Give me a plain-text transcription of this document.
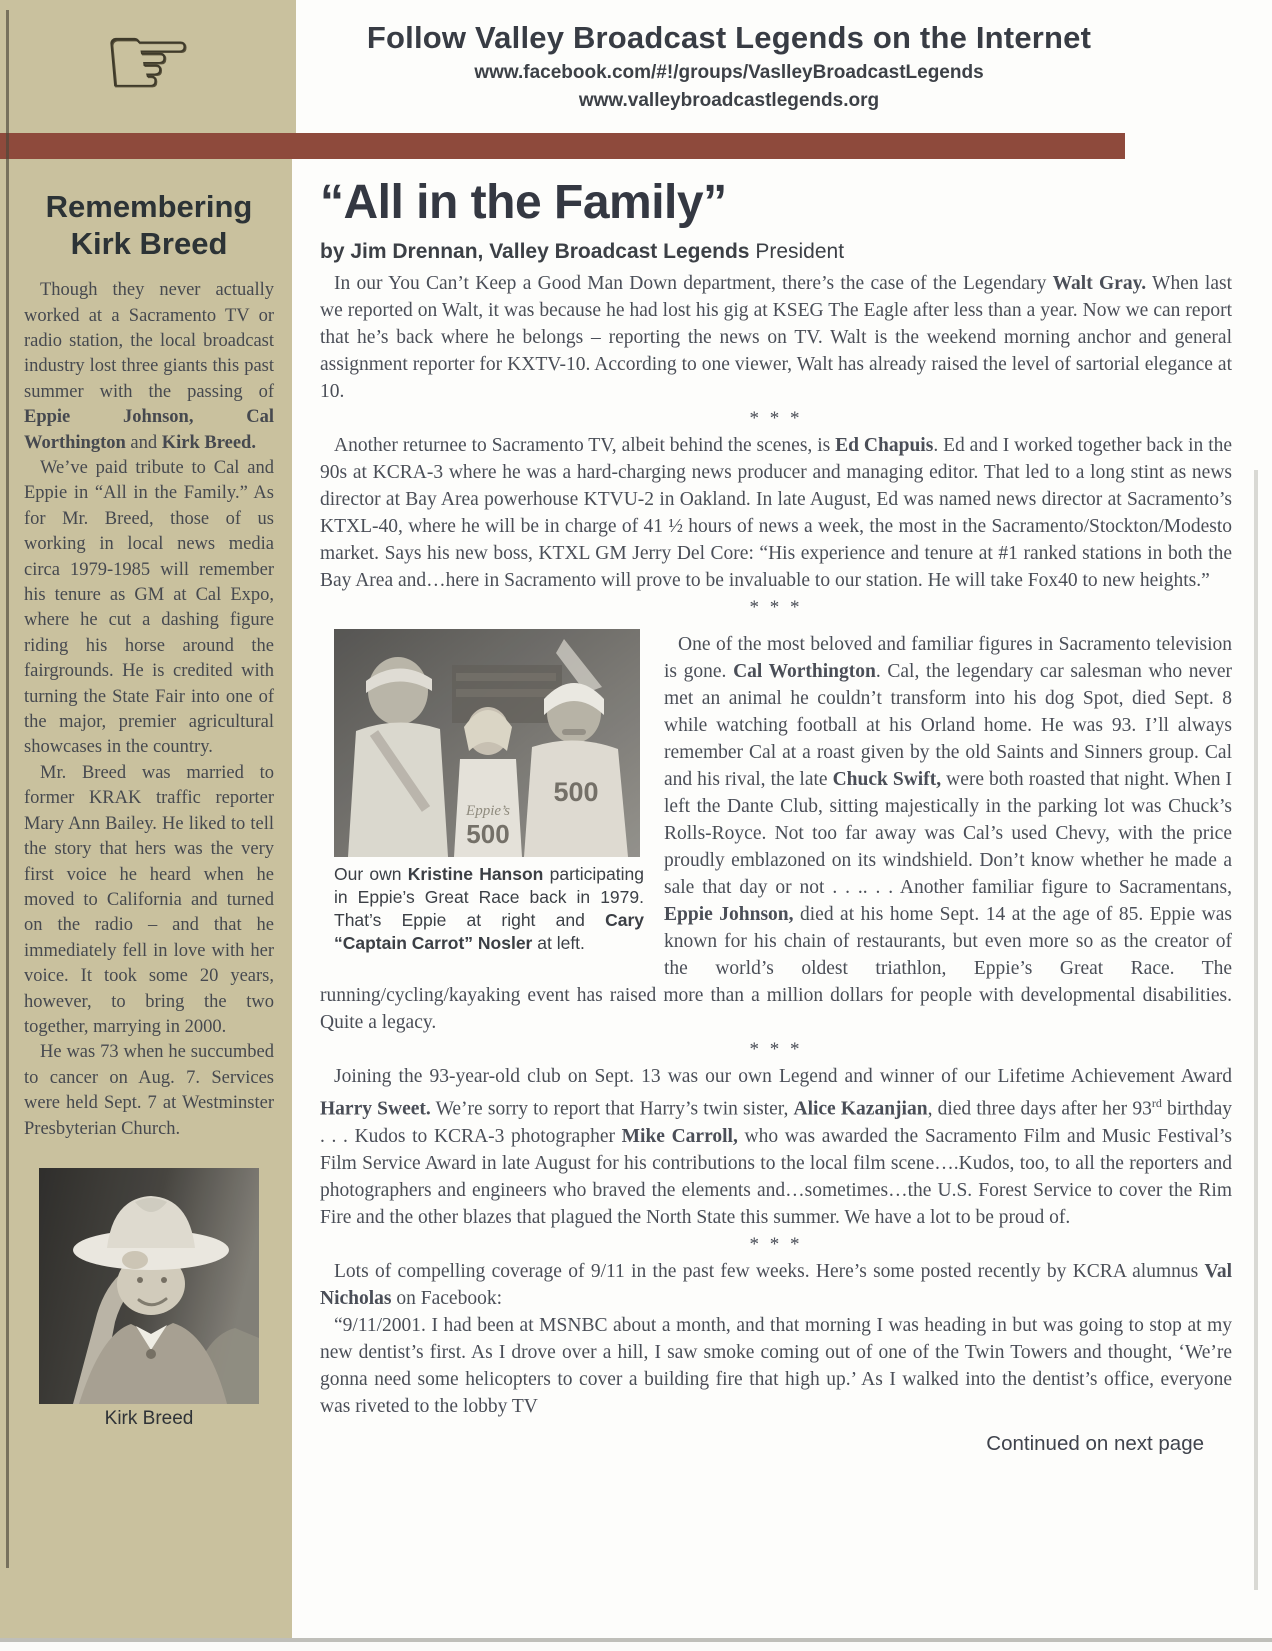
☞	Follow Valley Broadcast Legends on the Internet
www.facebook.com/#!/groups/VaslleyBroadcastLegends
www.valleybroadcastlegends.org
Remembering Kirk Breed

Though they never actually worked at a Sacramento TV or radio station, the local broadcast industry lost three giants this past summer with the passing of Eppie Johnson, Cal Worthington and Kirk Breed.

We’ve paid tribute to Cal and Eppie in “All in the Family.” As for Mr. Breed, those of us working in local news media circa 1979-1985 will remember his tenure as GM at Cal Expo, where he cut a dashing figure riding his horse around the fairgrounds. He is credited with turning the State Fair into one of the major, premier agricultural showcases in the country.

Mr. Breed was married to former KRAK traffic reporter Mary Ann Bailey. He liked to tell the story that hers was the very first voice he heard when he moved to California and turned on the radio – and that he immediately fell in love with her voice. It took some 20 years, however, to bring the two together, marrying in 2000.

He was 73 when he succumbed to cancer on Aug. 7. Services were held Sept. 7 at Westminster Presbyterian Church.

Kirk Breed
“All in the Family”
by Jim Drennan, Valley Broadcast Legends President

In our You Can’t Keep a Good Man Down department, there’s the case of the Legendary Walt Gray. When last we reported on Walt, it was because he had lost his gig at KSEG The Eagle after less than a year. Now we can report that he’s back where he belongs – reporting the news on TV. Walt is the weekend morning anchor and general assignment reporter for KXTV-10. According to one viewer, Walt has already raised the level of sartorial elegance at 10.

* * *

Another returnee to Sacramento TV, albeit behind the scenes, is Ed Chapuis. Ed and I worked together back in the 90s at KCRA-3 where he was a hard-charging news producer and managing editor. That led to a long stint as news director at Bay Area powerhouse KTVU-2 in Oakland. In late August, Ed was named news director at Sacramento’s KTXL-40, where he will be in charge of 41 ½ hours of news a week, the most in the Sacramento/Stockton/Modesto market. Says his new boss, KTXL GM Jerry Del Core: “His experience and tenure at #1 ranked stations in both the Bay Area and…here in Sacramento will prove to be invaluable to our station. He will take Fox40 to new heights.”

* * *
Eppie’s
500
500
Our own Kristine Hanson participating in Eppie’s Great Race back in 1979. That’s Eppie at right and Cary “Captain Carrot” Nosler at left.

One of the most beloved and familiar figures in Sacramento television is gone. Cal Worthington. Cal, the legendary car salesman who never met an animal he couldn’t transform into his dog Spot, died Sept. 8 while watching football at his Orland home. He was 93. I’ll always remember Cal at a roast given by the old Saints and Sinners group. Cal and his rival, the late Chuck Swift, were both roasted that night. When I left the Dante Club, sitting majestically in the parking lot was Chuck’s Rolls-Royce. Not too far away was Cal’s used Chevy, with the price proudly emblazoned on its windshield. Don’t know whether he made a sale that day or not . . .. . . Another familiar figure to Sacramentans, Eppie Johnson, died at his home Sept. 14 at the age of 85. Eppie was known for his chain of restaurants, but even more so as the creator of the world’s oldest triathlon, Eppie’s Great Race. The running/cycling/kayaking event has raised more than a million dollars for people with developmental disabilities. Quite a legacy.

* * *

Joining the 93-year-old club on Sept. 13 was our own Legend and winner of our Lifetime Achievement Award Harry Sweet. We’re sorry to report that Harry’s twin sister, Alice Kazanjian, died three days after her 93rd birthday . . . Kudos to KCRA-3 photographer Mike Carroll, who was awarded the Sacramento Film and Music Festival’s Film Service Award in late August for his contributions to the local film scene….Kudos, too, to all the reporters and photographers and engineers who braved the elements and…sometimes…the U.S. Forest Service to cover the Rim Fire and the other blazes that plagued the North State this summer. We have a lot to be proud of.

* * *

Lots of compelling coverage of 9/11 in the past few weeks. Here’s some posted recently by KCRA alumnus Val Nicholas on Facebook:

“9/11/2001. I had been at MSNBC about a month, and that morning I was heading in but was going to stop at my new dentist’s first. As I drove over a hill, I saw smoke coming out of one of the Twin Towers and thought, ‘We’re gonna need some helicopters to cover a building fire that high up.’ As I walked into the dentist’s office, everyone was riveted to the lobby TV

Continued on next page
